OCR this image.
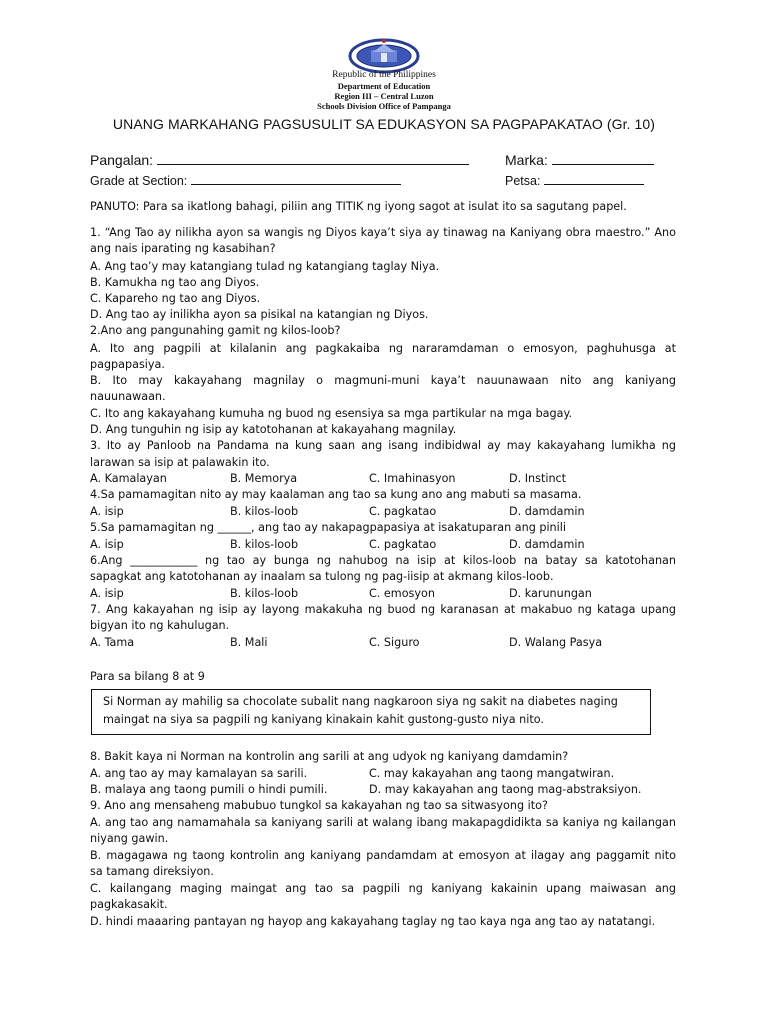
Republic of the Philippines
Department of Education
Region III – Central Luzon
Schools Division Office of Pampanga
UNANG MARKAHANG PAGSUSULIT SA EDUKASYON SA PAGPAPAKATAO (Gr. 10)
Pangalan:	Marka:
Grade at Section:	Petsa:
PANUTO: Para sa ikatlong bahagi, piliin ang TITIK ng iyong sagot at isulat ito sa sagutang papel.
1. “Ang Tao ay nilikha ayon sa wangis ng Diyos kaya’t siya ay tinawag na Kaniyang obra maestro.” Ano
ang nais iparating ng kasabihan?
A. Ang tao’y may katangiang tulad ng katangiang taglay Niya.
B. Kamukha ng tao ang Diyos.
C. Kapareho ng tao ang Diyos.
D. Ang tao ay inilikha ayon sa pisikal na katangian ng Diyos.
2.Ano ang pangunahing gamit ng kilos-loob?
A. Ito ang pagpili at kilalanin ang pagkakaiba ng nararamdaman o emosyon, paghuhusga at
pagpapasiya.
B. Ito may kakayahang magnilay o magmuni-muni kaya’t nauunawaan nito ang kaniyang
nauunawaan.
C. Ito ang kakayahang kumuha ng buod ng esensiya sa mga partikular na mga bagay.
D. Ang tunguhin ng isip ay katotohanan at kakayahang magnilay.
3. Ito ay Panloob na Pandama na kung saan ang isang indibidwal ay may kakayahang lumikha ng
larawan sa isip at palawakin ito.
A. Kamalayan	B. Memorya	C. Imahinasyon	D. Instinct
4.Sa pamamagitan nito ay may kaalaman ang tao sa kung ano ang mabuti sa masama.
A. isip	B. kilos-loob	C. pagkatao	D. damdamin
5.Sa pamamagitan ng ______, ang tao ay nakapagpapasiya at isakatuparan ang pinili
A. isip	B. kilos-loob	C. pagkatao	D. damdamin
6.Ang ____________ ng tao ay bunga ng nahubog na isip at kilos-loob na batay sa katotohanan
sapagkat ang katotohanan ay inaalam sa tulong ng pag-iisip at akmang kilos-loob.
A. isip	B. kilos-loob	C. emosyon	D. karunungan
7. Ang kakayahan ng isip ay layong makakuha ng buod ng karanasan at makabuo ng kataga upang
bigyan ito ng kahulugan.
A. Tama	B. Mali	C. Siguro	D. Walang Pasya
Para sa bilang 8 at 9
Si Norman ay mahilig sa chocolate subalit nang nagkaroon siya ng sakit na diabetes naging
maingat na siya sa pagpili ng kaniyang kinakain kahit gustong-gusto niya nito.
8. Bakit kaya ni Norman na kontrolin ang sarili at ang udyok ng kaniyang damdamin?
A. ang tao ay may kamalayan sa sarili.	C. may kakayahan ang taong mangatwiran.
B. malaya ang taong pumili o hindi pumili.	D. may kakayahan ang taong mag-abstraksiyon.
9. Ano ang mensaheng mabubuo tungkol sa kakayahan ng tao sa sitwasyong ito?
A. ang tao ang namamahala sa kaniyang sarili at walang ibang makapagdidikta sa kaniya ng kailangan
niyang gawin.
B. magagawa ng taong kontrolin ang kaniyang pandamdam at emosyon at ilagay ang paggamit nito
sa tamang direksiyon.
C. kailangang maging maingat ang tao sa pagpili ng kaniyang kakainin upang maiwasan ang
pagkakasakit.
D. hindi maaaring pantayan ng hayop ang kakayahang taglay ng tao kaya nga ang tao ay natatangi.
